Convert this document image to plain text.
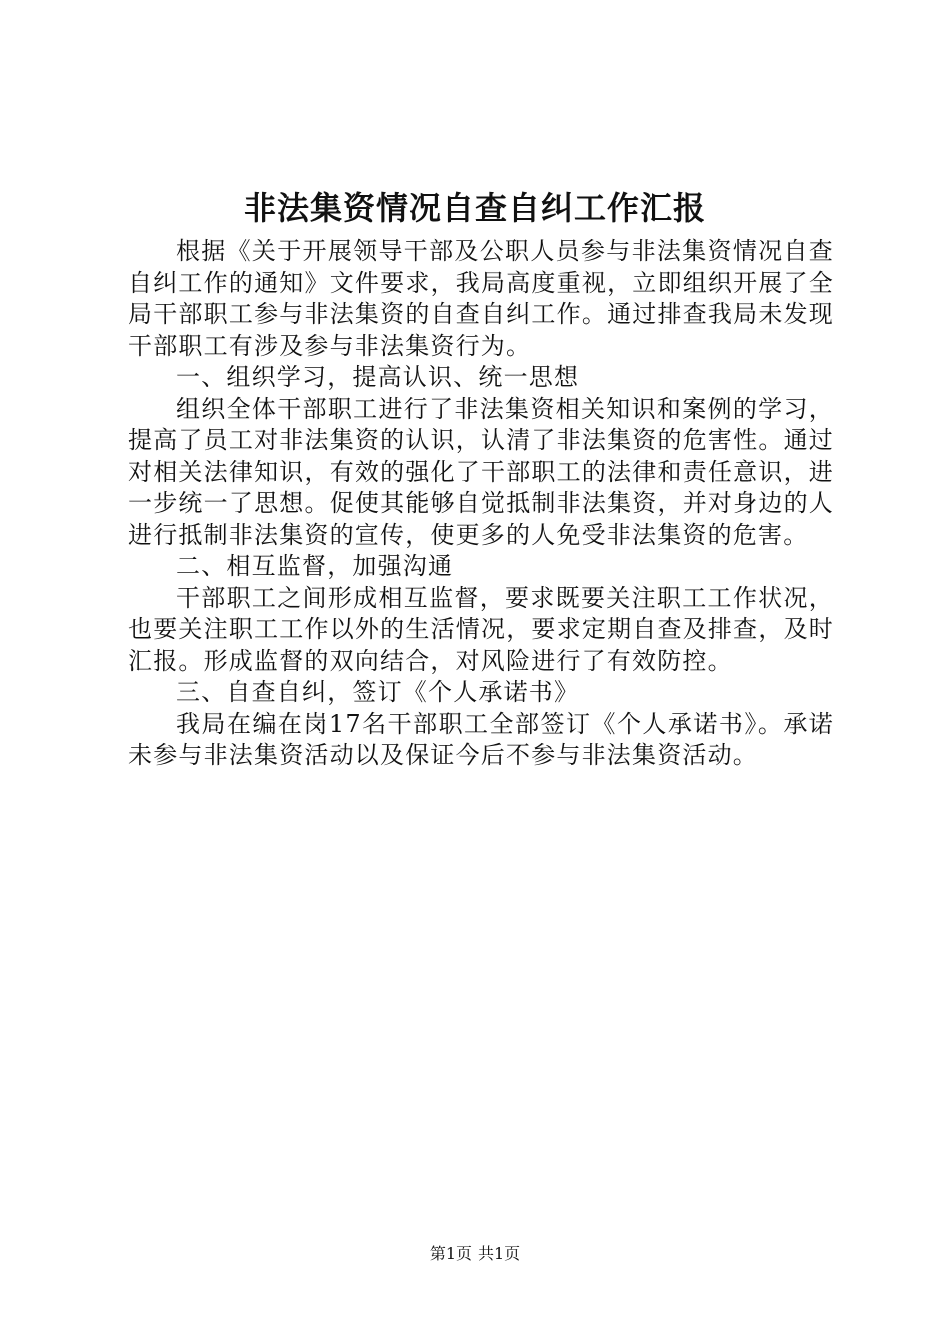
非法集资情况自查自纠工作汇报

根据《关于开展领导干部及公职人员参与非法集资情况自查自纠工作的通知》文件要求，我局高度重视，立即组织开展了全局干部职工参与非法集资的自查自纠工作。通过排查我局未发现干部职工有涉及参与非法集资行为。

一、组织学习，提高认识、统一思想

组织全体干部职工进行了非法集资相关知识和案例的学习，提高了员工对非法集资的认识，认清了非法集资的危害性。通过对相关法律知识，有效的强化了干部职工的法律和责任意识，进一步统一了思想。促使其能够自觉抵制非法集资，并对身边的人进行抵制非法集资的宣传，使更多的人免受非法集资的危害。

二、相互监督，加强沟通

干部职工之间形成相互监督，要求既要关注职工工作状况，也要关注职工工作以外的生活情况，要求定期自查及排查，及时汇报。形成监督的双向结合，对风险进行了有效防控。

三、自查自纠，签订《个人承诺书》

我局在编在岗17名干部职工全部签订《个人承诺书》。承诺未参与非法集资活动以及保证今后不参与非法集资活动。

第1页 共1页
